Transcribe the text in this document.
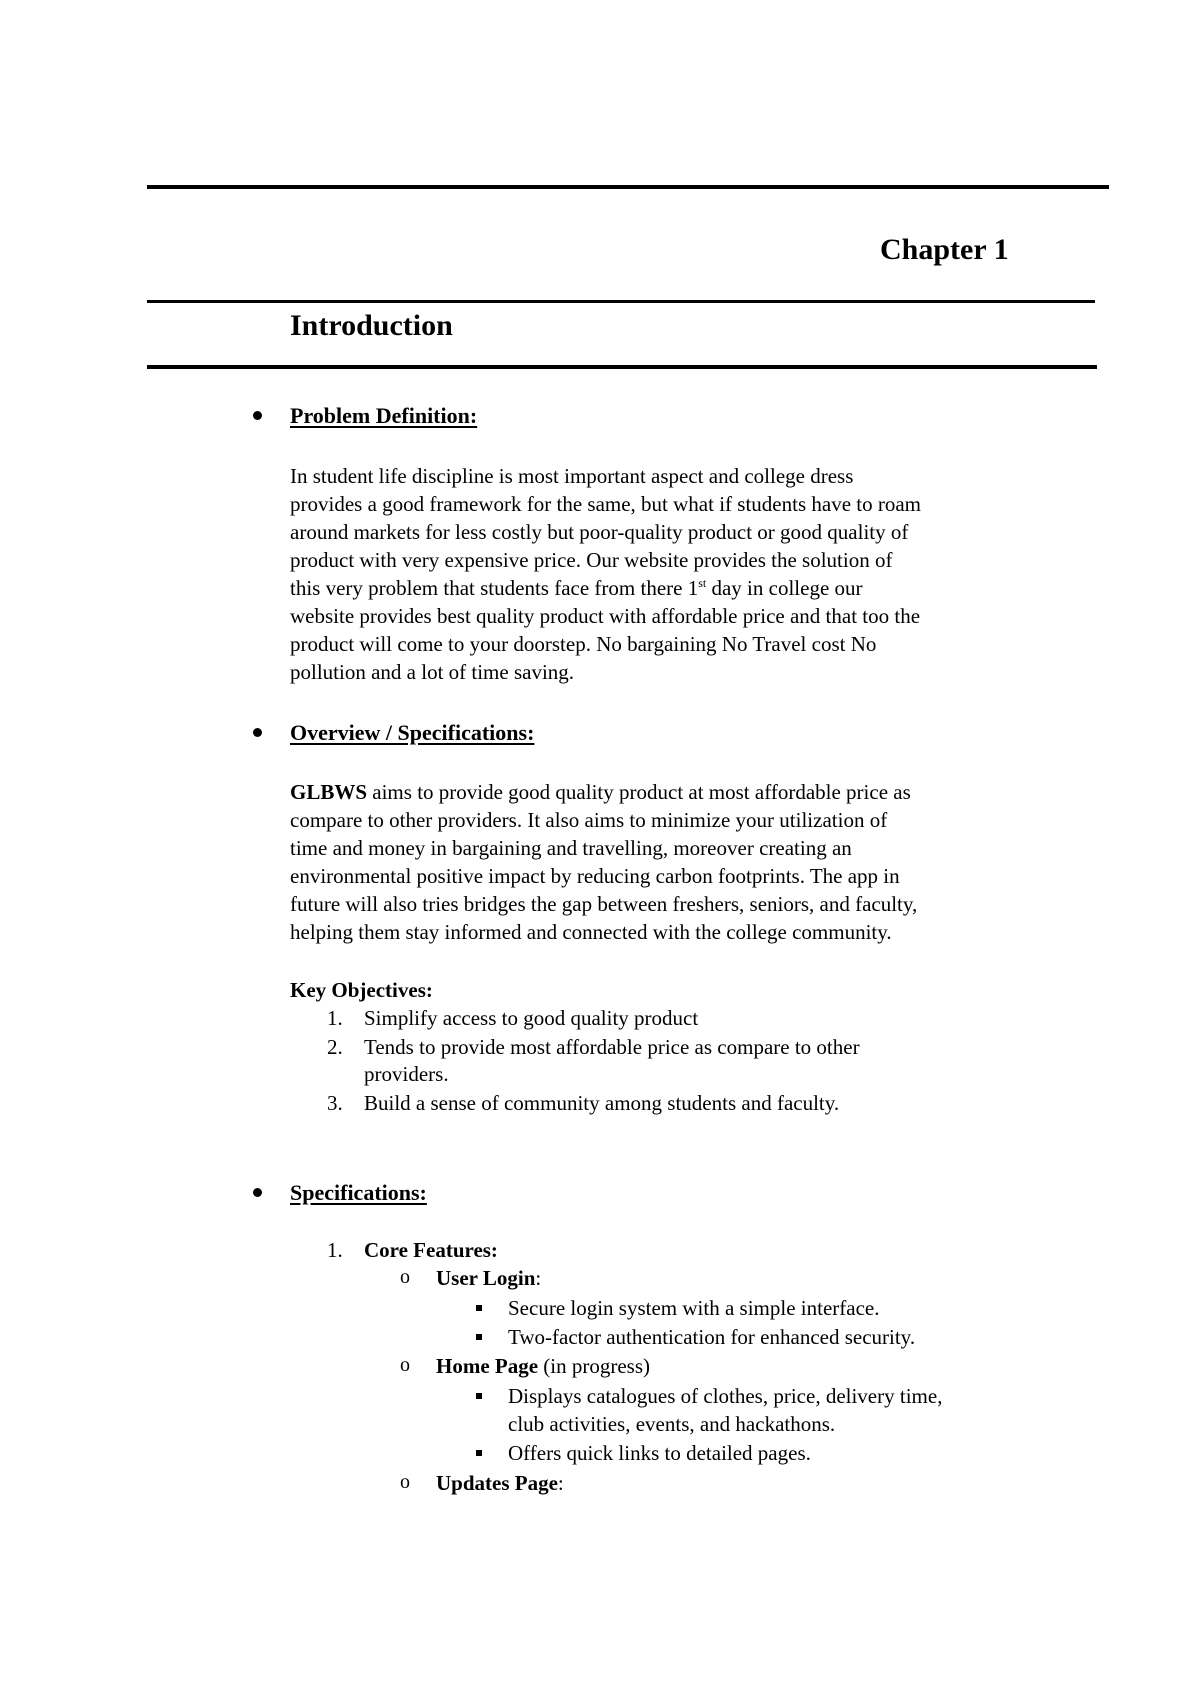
Chapter 1
Introduction
Problem Definition:
In student life discipline is most important aspect and college dress
provides a good framework for the same, but what if students have to roam
around markets for less costly but poor-quality product or good quality of
product with very expensive price. Our website provides the solution of
this very problem that students face from there 1st day in college our
website provides best quality product with affordable price and that too the
product will come to your doorstep. No bargaining No Travel cost No
pollution and a lot of time saving.
Overview / Specifications:
GLBWS aims to provide good quality product at most affordable price as
compare to other providers. It also aims to minimize your utilization of
time and money in bargaining and travelling, moreover creating an
environmental positive impact by reducing carbon footprints. The app in
future will also tries bridges the gap between freshers, seniors, and faculty,
helping them stay informed and connected with the college community.
Key Objectives:
1. Simplify access to good quality product
2. Tends to provide most affordable price as compare to other
providers.
3. Build a sense of community among students and faculty.
Specifications:
1. Core Features:
o User Login:
Secure login system with a simple interface.
Two-factor authentication for enhanced security.
o Home Page (in progress)
Displays catalogues of clothes, price, delivery time,
club activities, events, and hackathons.
Offers quick links to detailed pages.
o Updates Page:
